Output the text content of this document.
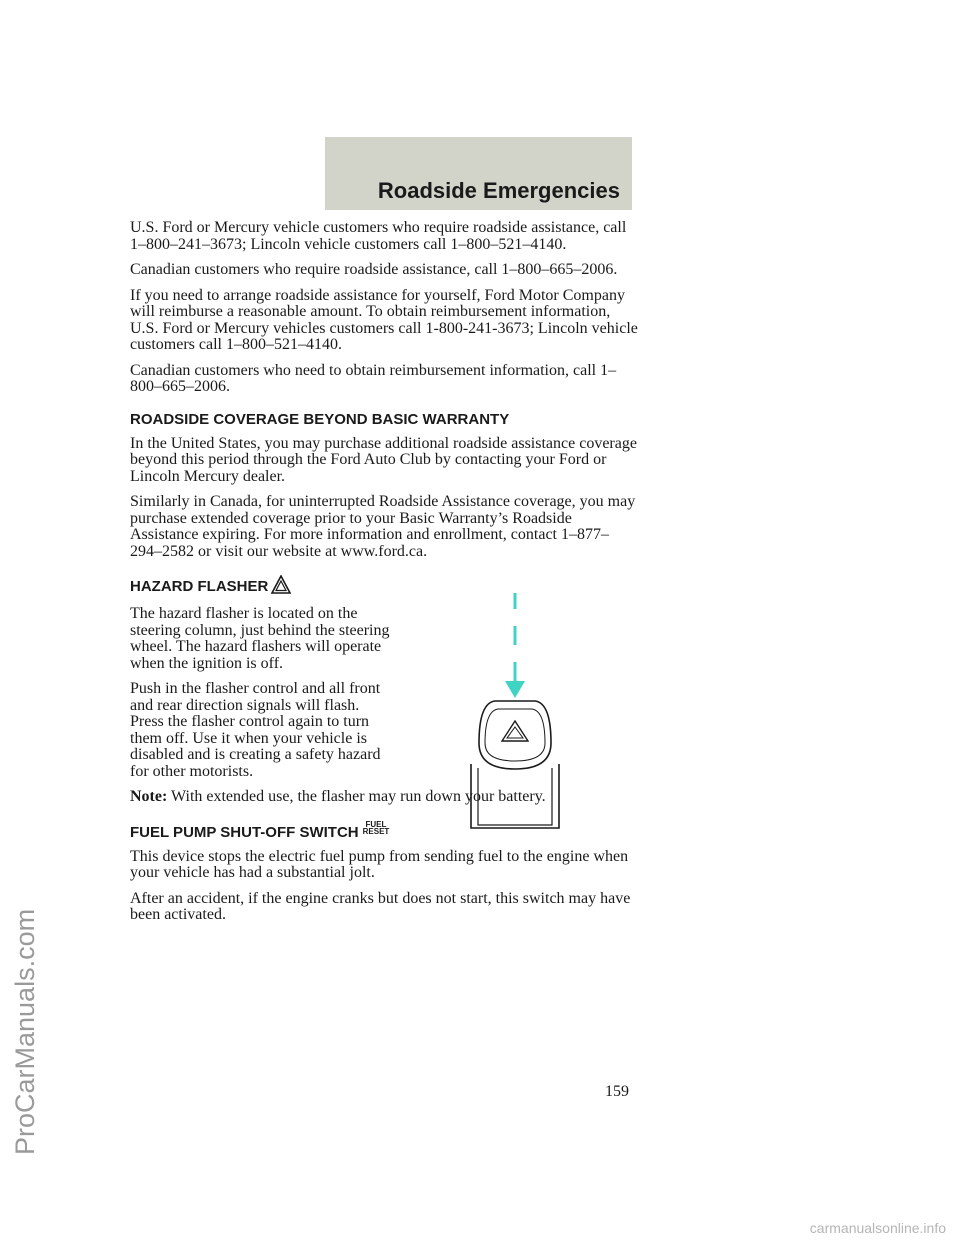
Roadside Emergencies
ProCarManuals.com

U.S. Ford or Mercury vehicle customers who require roadside assistance, call 1–800–241–3673; Lincoln vehicle customers call 1–800–521–4140.

Canadian customers who require roadside assistance, call 1–800–665–2006.

If you need to arrange roadside assistance for yourself, Ford Motor Company will reimburse a reasonable amount. To obtain reimbursement information, U.S. Ford or Mercury vehicles customers call 1-800-241-3673; Lincoln vehicle customers call 1–800–521–4140.

Canadian customers who need to obtain reimbursement information, call 1–800–665–2006.

ROADSIDE COVERAGE BEYOND BASIC WARRANTY

In the United States, you may purchase additional roadside assistance coverage beyond this period through the Ford Auto Club by contacting your Ford or Lincoln Mercury dealer.

Similarly in Canada, for uninterrupted Roadside Assistance coverage, you may purchase extended coverage prior to your Basic Warranty’s Roadside Assistance expiring. For more information and enrollment, contact 1–877–294–2582 or visit our website at www.ford.ca.

HAZARD FLASHER

The hazard flasher is located on the steering column, just behind the steering wheel. The hazard flashers will operate when the ignition is off.

Push in the flasher control and all front and rear direction signals will flash. Press the flasher control again to turn them off. Use it when your vehicle is disabled and is creating a safety hazard for other motorists.

Note: With extended use, the flasher may run down your battery.

FUEL PUMP SHUT-OFF SWITCH FUEL
RESET

This device stops the electric fuel pump from sending fuel to the engine when your vehicle has had a substantial jolt.

After an accident, if the engine cranks but does not start, this switch may have been activated.

159
carmanualsonline.info
